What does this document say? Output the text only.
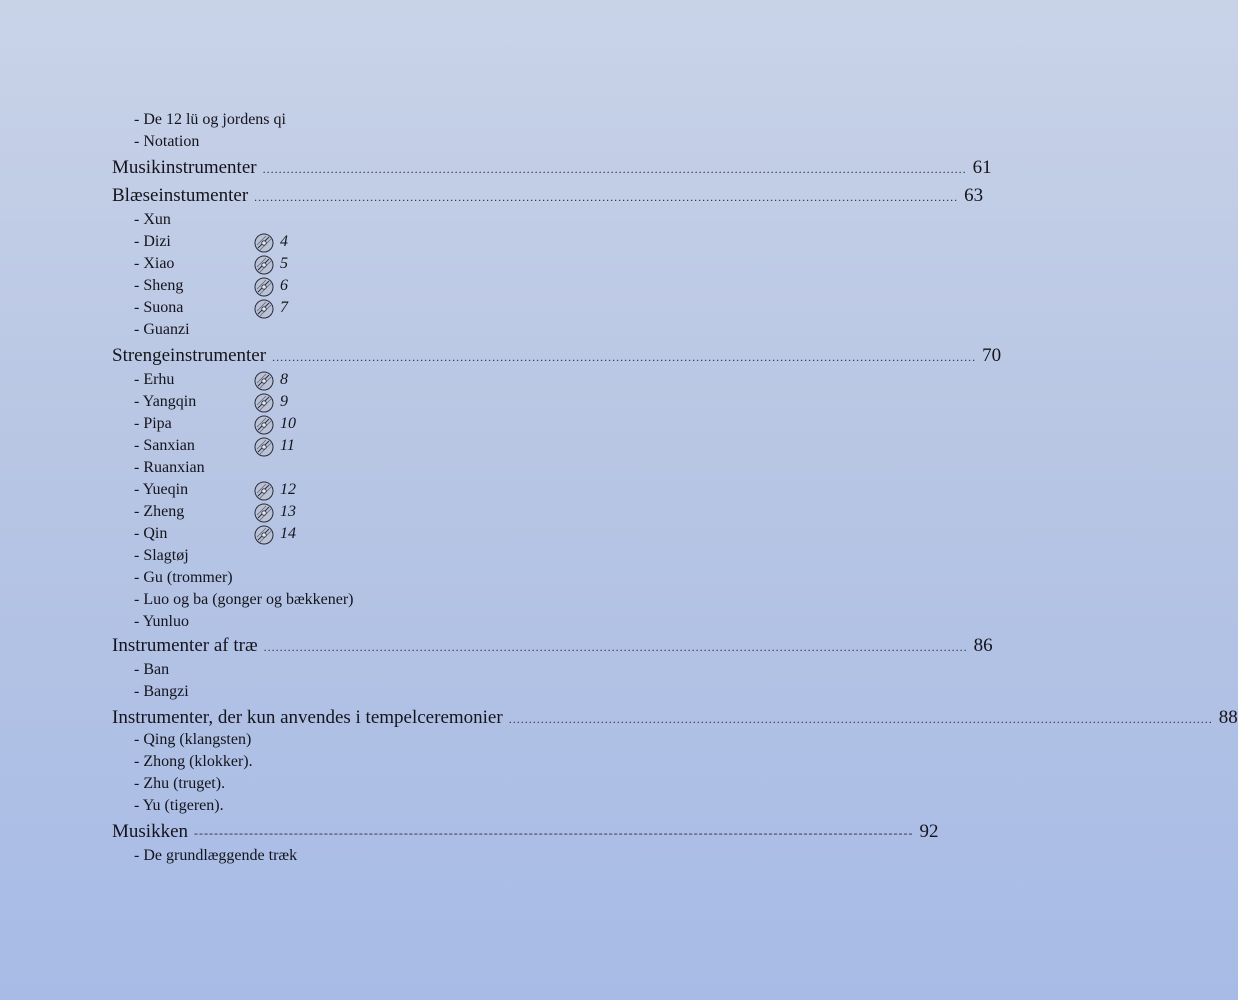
- De 12 lü og jordens qi
- Notation
Musikinstrumenter ................................................................................................................................................................................ 61
Blæseinstumenter ................................................................................................................................................................................ 63
- Xun
- Dizi	4
- Xiao	5
- Sheng	6
- Suona	7
- Guanzi
Strengeinstrumenter ................................................................................................................................................................................ 70
- Erhu	8
- Yangqin	9
- Pipa	10
- Sanxian	11
- Ruanxian
- Yueqin	12
- Zheng	13
- Qin	14
- Slagtøj
- Gu (trommer)
- Luo og ba (gonger og bækkener)
- Yunluo
Instrumenter af træ ................................................................................................................................................................................ 86
- Ban
- Bangzi
Instrumenter, der kun anvendes i tempelceremonier ................................................................................................................................................................................ 88
- Qing (klangsten)
- Zhong (klokker).
- Zhu (truget).
- Yu (tigeren).
Musikken ------------------------------------------------------------------------------------------------------------------------------------------------ 92
- De grundlæggende træk
